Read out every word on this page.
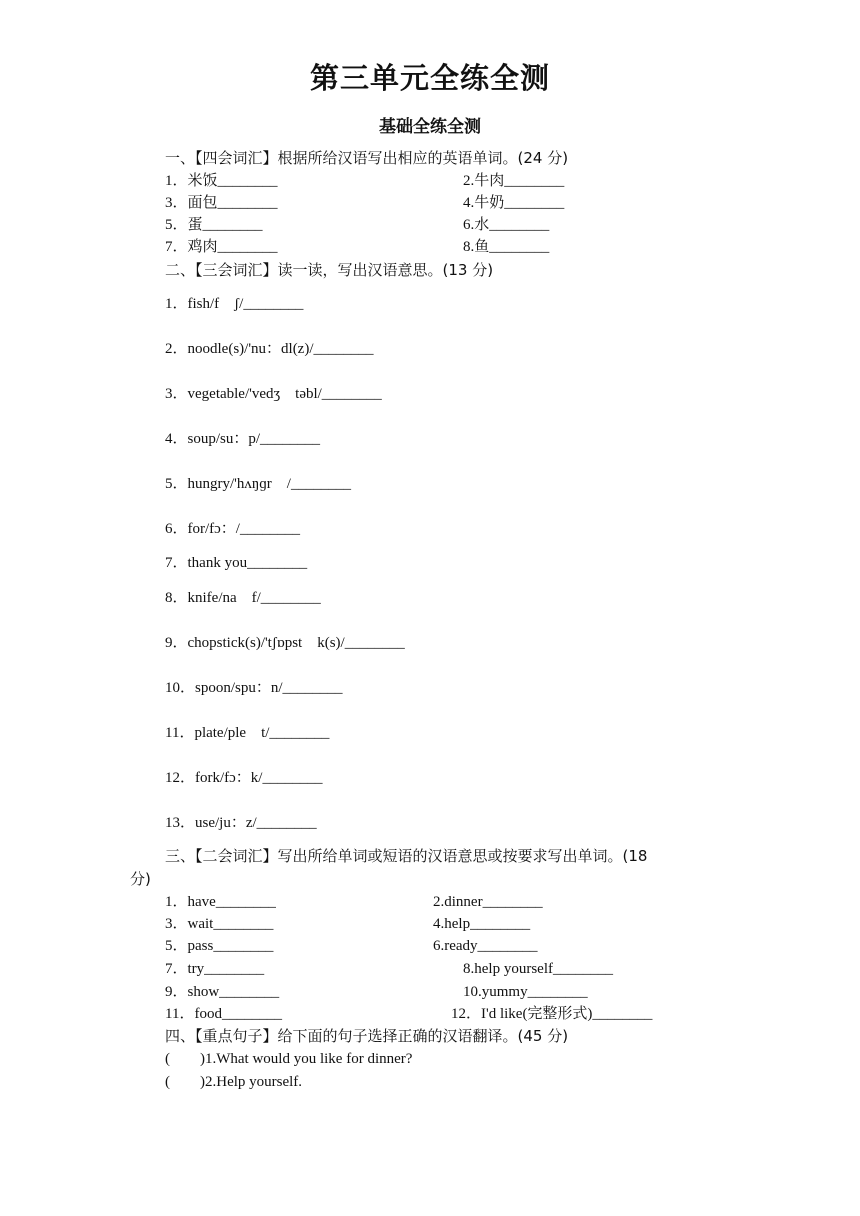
第三单元全练全测
基础全练全测
一、【四会词汇】根据所给汉语写出相应的英语单词。(24 分)
1．米饭________	2.牛肉________
3．面包________	4.牛奶________
5．蛋________	6.水________
7．鸡肉________	8.鱼________
二、【三会词汇】读一读，写出汉语意思。(13 分)
1．fish/f　ʃ/________
2．noodle(s)/'nu：dl(z)/________
3．vegetable/'vedʒ　təbl/________
4．soup/su：p/________
5．hungry/'hʌŋɡr　/________
6．for/fɔ：/________
7．thank you________
8．knife/na　f/________
9．chopstick(s)/'tʃɒpst　k(s)/________
10．spoon/spu：n/________
11．plate/ple　t/________
12．fork/fɔ：k/________
13．use/ju：z/________
三、【二会词汇】写出所给单词或短语的汉语意思或按要求写出单词。(18
分)
1．have________	2.dinner________
3．wait________	4.help________
5．pass________	6.ready________
7．try________	8.help yourself________
9．show________	10.yummy________
11．food________	12．I'd like(完整形式)________
四、【重点句子】给下面的句子选择正确的汉语翻译。(45 分)
(　　)1.What would you like for dinner?
(　　)2.Help yourself.
